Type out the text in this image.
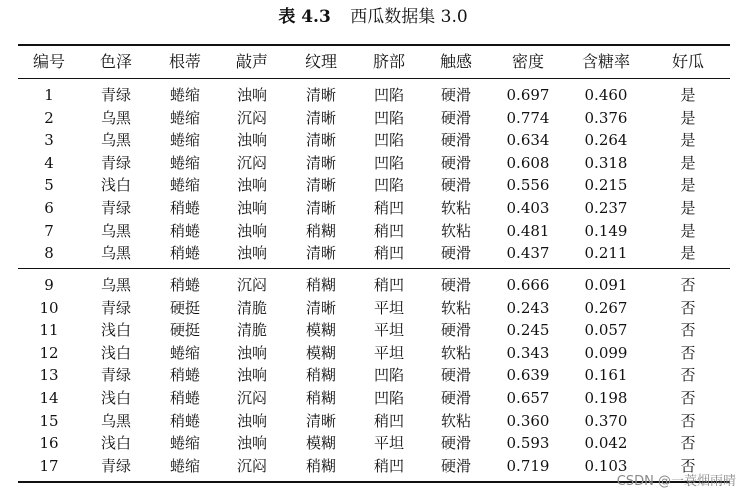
表 4.3 西瓜数据集 3.0
编号	色泽	根蒂	敲声	纹理	脐部	触感	密度	含糖率	好瓜
1	青绿	蜷缩	浊响	清晰	凹陷	硬滑	0.697	0.460	是
2	乌黑	蜷缩	沉闷	清晰	凹陷	硬滑	0.774	0.376	是
3	乌黑	蜷缩	浊响	清晰	凹陷	硬滑	0.634	0.264	是
4	青绿	蜷缩	沉闷	清晰	凹陷	硬滑	0.608	0.318	是
5	浅白	蜷缩	浊响	清晰	凹陷	硬滑	0.556	0.215	是
6	青绿	稍蜷	浊响	清晰	稍凹	软粘	0.403	0.237	是
7	乌黑	稍蜷	浊响	稍糊	稍凹	软粘	0.481	0.149	是
8	乌黑	稍蜷	浊响	清晰	稍凹	硬滑	0.437	0.211	是
9	乌黑	稍蜷	沉闷	稍糊	稍凹	硬滑	0.666	0.091	否
10	青绿	硬挺	清脆	清晰	平坦	软粘	0.243	0.267	否
11	浅白	硬挺	清脆	模糊	平坦	硬滑	0.245	0.057	否
12	浅白	蜷缩	浊响	模糊	平坦	软粘	0.343	0.099	否
13	青绿	稍蜷	浊响	稍糊	凹陷	硬滑	0.639	0.161	否
14	浅白	稍蜷	沉闷	稍糊	凹陷	硬滑	0.657	0.198	否
15	乌黑	稍蜷	浊响	清晰	稍凹	软粘	0.360	0.370	否
16	浅白	蜷缩	浊响	模糊	平坦	硬滑	0.593	0.042	否
17	青绿	蜷缩	沉闷	稍糊	稍凹	硬滑	0.719	0.103	否
CSDN @一蓑烟雨晴
